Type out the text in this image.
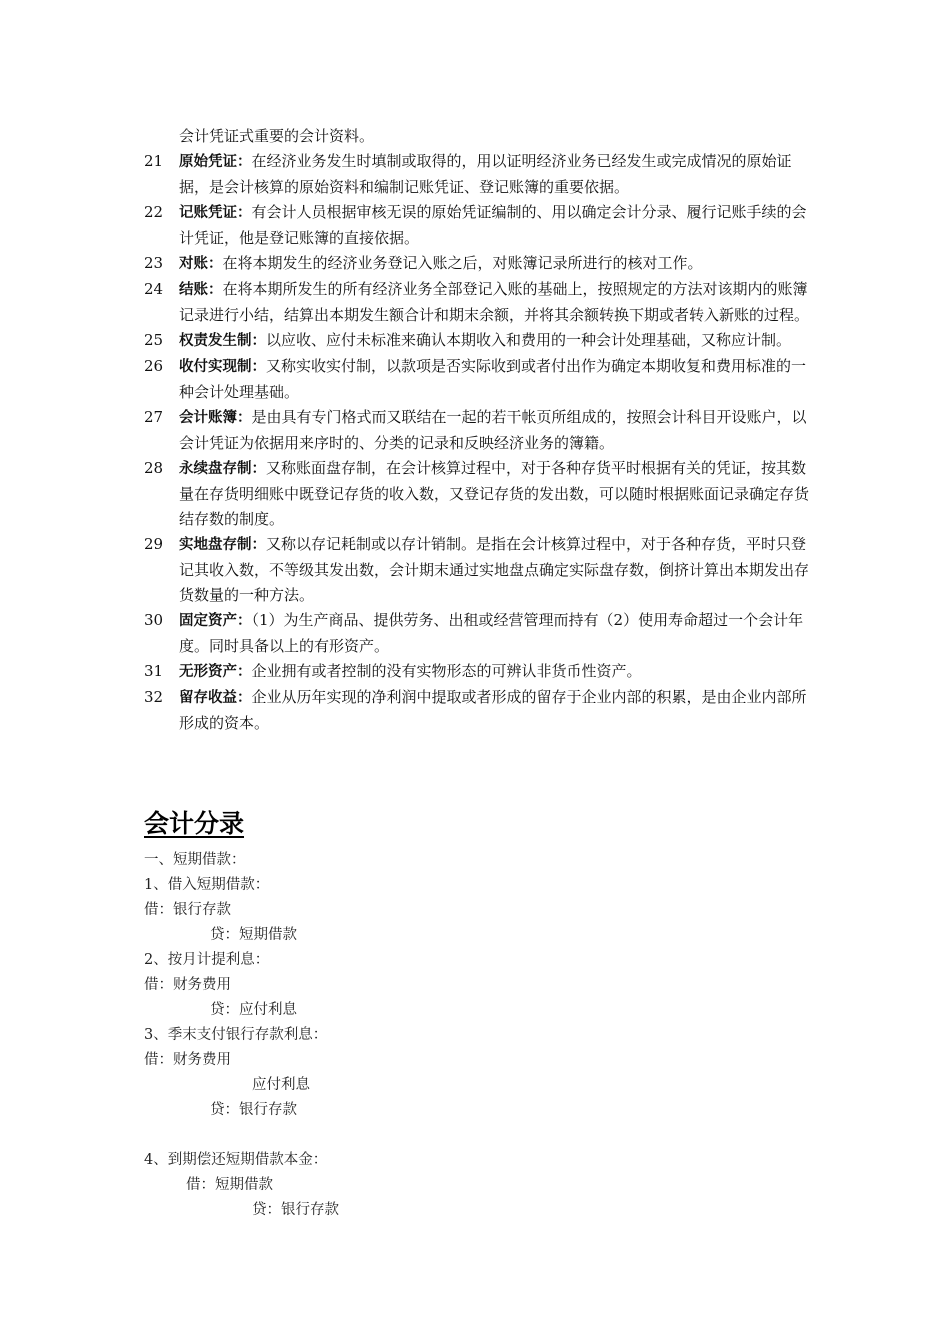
会计凭证式重要的会计资料。
21	原始凭证：在经济业务发生时填制或取得的，用以证明经济业务已经发生或完成情况的原始证据，是会计核算的原始资料和编制记账凭证、登记账簿的重要依据。
22	记账凭证：有会计人员根据审核无误的原始凭证编制的、用以确定会计分录、履行记账手续的会计凭证，他是登记账簿的直接依据。
23	对账：在将本期发生的经济业务登记入账之后，对账簿记录所进行的核对工作。
24	结账：在将本期所发生的所有经济业务全部登记入账的基础上，按照规定的方法对该期内的账簿记录进行小结，结算出本期发生额合计和期末余额，并将其余额转换下期或者转入新账的过程。
25	权责发生制：以应收、应付未标准来确认本期收入和费用的一种会计处理基础，又称应计制。
26	收付实现制：又称实收实付制，以款项是否实际收到或者付出作为确定本期收复和费用标准的一种会计处理基础。
27	会计账簿：是由具有专门格式而又联结在一起的若干帐页所组成的，按照会计科目开设账户，以会计凭证为依据用来序时的、分类的记录和反映经济业务的簿籍。
28	永续盘存制：又称账面盘存制，在会计核算过程中，对于各种存货平时根据有关的凭证，按其数量在存货明细账中既登记存货的收入数，又登记存货的发出数，可以随时根据账面记录确定存货结存数的制度。
29	实地盘存制：又称以存记耗制或以存计销制。是指在会计核算过程中，对于各种存货，平时只登记其收入数，不等级其发出数，会计期末通过实地盘点确定实际盘存数，倒挤计算出本期发出存货数量的一种方法。
30	固定资产：（1）为生产商品、提供劳务、出租或经营管理而持有（2）使用寿命超过一个会计年度。同时具备以上的有形资产。
31	无形资产：企业拥有或者控制的没有实物形态的可辨认非货币性资产。
32	留存收益：企业从历年实现的净利润中提取或者形成的留存于企业内部的积累，是由企业内部所形成的资本。
会计分录
一、短期借款：
1、借入短期借款：
借：银行存款
贷：短期借款
2、按月计提利息：
借：财务费用
贷：应付利息
3、季末支付银行存款利息：
借：财务费用
应付利息
贷：银行存款
4、到期偿还短期借款本金：
借：短期借款
贷：银行存款
